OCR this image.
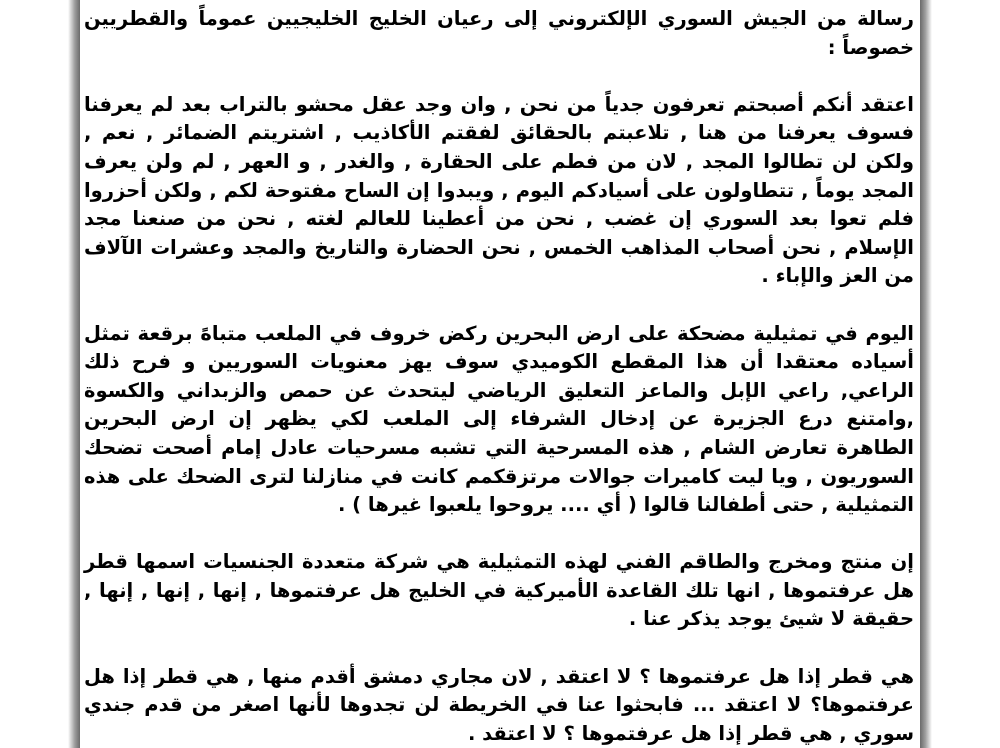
رسالة من الجيش السوري الإلكتروني إلى رعيان الخليج الخليجيين عموماً والقطريين خصوصاً :

اعتقد أنكم أصبحتم تعرفون جدياً من نحن , وان وجد عقل محشو بالتراب بعد لم يعرفنا فسوف يعرفنا من هنا , تلاعبتم بالحقائق لفقتم الأكاذيب , اشتريتم الضمائر , نعم , ولكن لن تطالوا المجد , لان من فطم على الحقارة , والغدر , و العهر , لم ولن يعرف المجد يوماً , تتطاولون على أسيادكم اليوم , ويبدوا إن الساح مفتوحة لكم , ولكن أحزروا فلم تعوا بعد السوري إن غضب , نحن من أعطينا للعالم لغته , نحن من صنعنا مجد الإسلام , نحن أصحاب المذاهب الخمس , نحن الحضارة والتاريخ والمجد وعشرات الآلاف من العز والإباء .

اليوم في تمثيلية مضحكة على ارض البحرين ركض خروف في الملعب متباهً برقعة تمثل أسياده معتقدا أن هذا المقطع الكوميدي سوف يهز معنويات السوريين و فرح ذلك الراعي, راعي الإبل والماعز التعليق الرياضي ليتحدث عن حمص والزبداني والكسوة ,وامتنع درع الجزيرة عن إدخال الشرفاء إلى الملعب لكي يظهر إن ارض البحرين الطاهرة تعارض الشام , هذه المسرحية التي تشبه مسرحيات عادل إمام أصحت تضحك السوريون , ويا ليت كاميرات جوالات مرتزقكمم كانت في منازلنا لترى الضحك على هذه التمثيلية , حتى أطفالنا قالوا ( أي .... يروحوا يلعبوا غيرها ) .

إن منتج ومخرج والطاقم الفني لهذه التمثيلية هي شركة متعددة الجنسيات اسمها قطر هل عرفتموها , انها تلك القاعدة الأميركية في الخليج هل عرفتموها , إنها , إنها , إنها , حقيقة لا شيئ يوجد يذكر عنا .

هي قطر إذا هل عرفتموها ؟ لا اعتقد , لان مجاري دمشق أقدم منها , هي قطر إذا هل عرفتموها؟ لا اعتقد ... فابحثوا عنا في الخريطة لن تجدوها لأنها اصغر من قدم جندي سوري , هي قطر إذا هل عرفتموها ؟ لا اعتقد .
